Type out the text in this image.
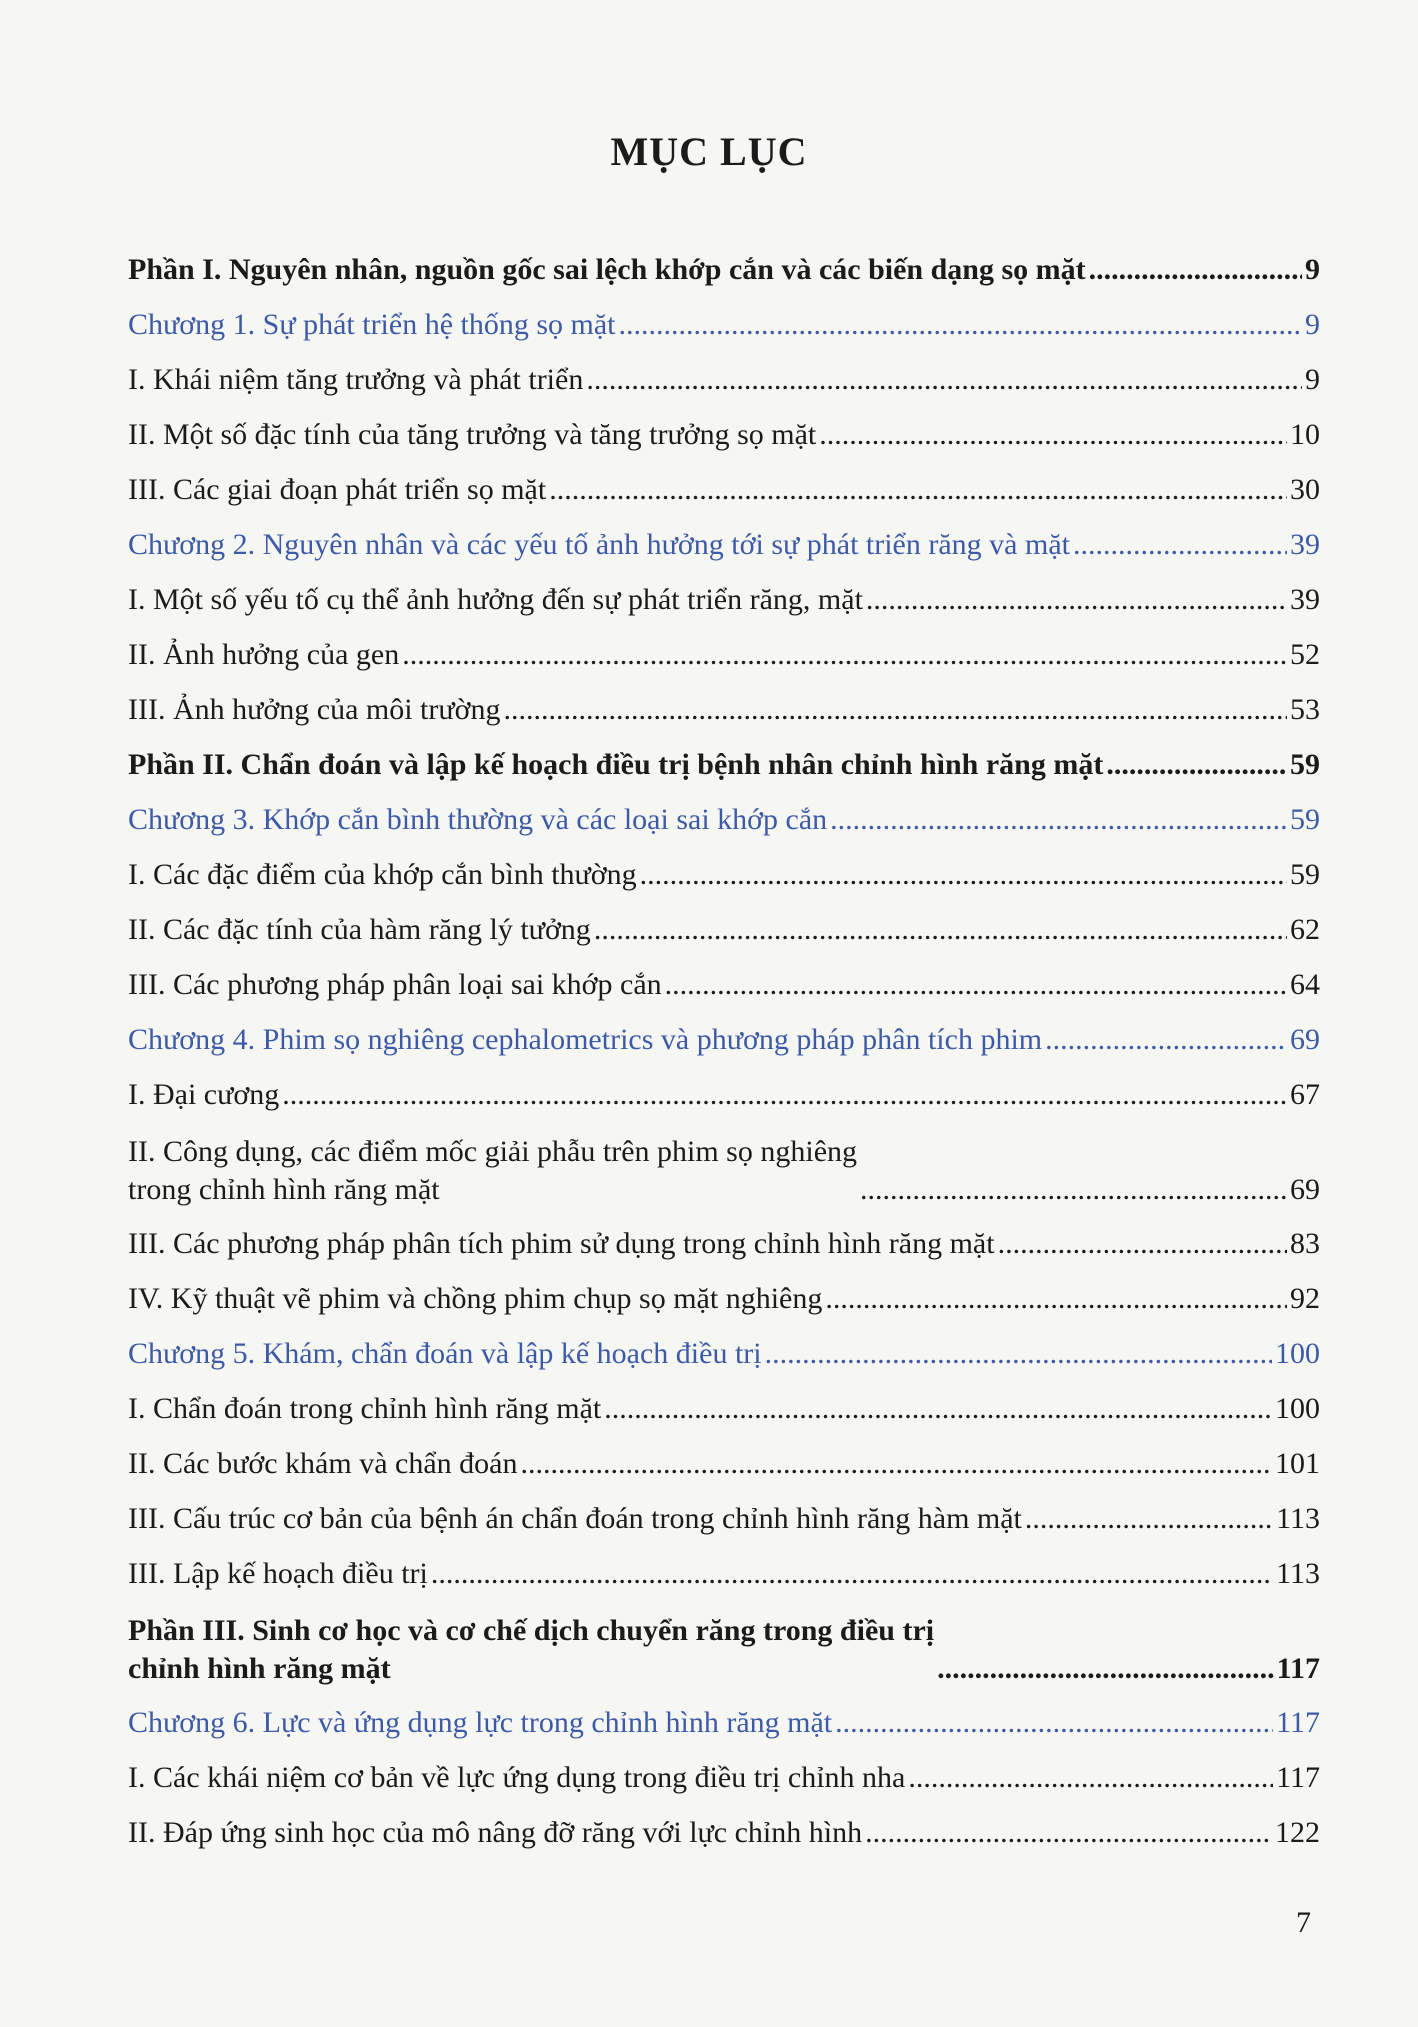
MỤC LỤC
Phần I. Nguyên nhân, nguồn gốc sai lệch khớp cắn và các biến dạng sọ mặt .....	9
Chương 1. Sự phát triển hệ thống sọ mặt .....	9
I. Khái niệm tăng trưởng và phát triển .....	9
II. Một số đặc tính của tăng trưởng và tăng trưởng sọ mặt .....	10
III. Các giai đoạn phát triển sọ mặt .....	30
Chương 2. Nguyên nhân và các yếu tố ảnh hưởng tới sự phát triển răng và mặt .....	39
I. Một số yếu tố cụ thể ảnh hưởng đến sự phát triển răng, mặt .....	39
II. Ảnh hưởng của gen .....	52
III. Ảnh hưởng của môi trường .....	53
Phần II. Chẩn đoán và lập kế hoạch điều trị bệnh nhân chỉnh hình răng mặt .....	59
Chương 3. Khớp cắn bình thường và các loại sai khớp cắn .....	59
I. Các đặc điểm của khớp cắn bình thường .....	59
II. Các đặc tính của hàm răng lý tưởng .....	62
III. Các phương pháp phân loại sai khớp cắn .....	64
Chương 4. Phim sọ nghiêng cephalometrics và phương pháp phân tích phim .....	69
I. Đại cương .....	67
II. Công dụng, các điểm mốc giải phẫu trên phim sọ nghiêng
trong chỉnh hình răng mặt .....	69
III. Các phương pháp phân tích phim sử dụng trong chỉnh hình răng mặt .....	83
IV. Kỹ thuật vẽ phim và chồng phim chụp sọ mặt nghiêng .....	92
Chương 5. Khám, chẩn đoán và lập kế hoạch điều trị .....	100
I. Chẩn đoán trong chỉnh hình răng mặt .....	100
II. Các bước khám và chẩn đoán .....	101
III. Cấu trúc cơ bản của bệnh án chẩn đoán trong chỉnh hình răng hàm mặt .....	113
III. Lập kế hoạch điều trị .....	113
Phần III. Sinh cơ học và cơ chế dịch chuyển răng trong điều trị
chỉnh hình răng mặt .....	117
Chương 6. Lực và ứng dụng lực trong chỉnh hình răng mặt .....	117
I. Các khái niệm cơ bản về lực ứng dụng trong điều trị chỉnh nha .....	117
II. Đáp ứng sinh học của mô nâng đỡ răng với lực chỉnh hình .....	122
7
